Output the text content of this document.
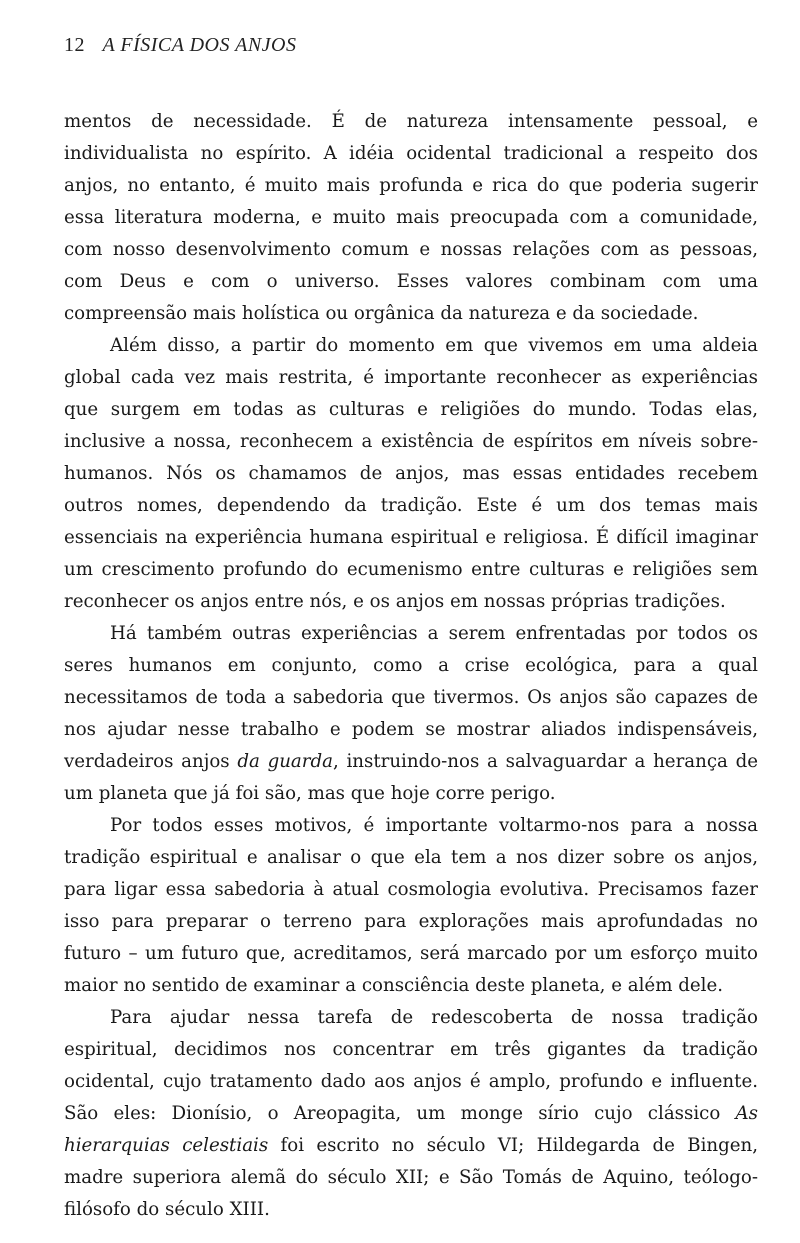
12 A FÍSICA DOS ANJOS

mentos de necessidade. É de natureza intensamente pessoal, e individualista no espírito. A idéia ocidental tradicional a respeito dos anjos, no entanto, é muito mais profunda e rica do que poderia sugerir essa literatura moderna, e muito mais preocupada com a comunidade, com nosso desenvolvimento comum e nossas relações com as pessoas, com Deus e com o universo. Esses valores combinam com uma compreensão mais holística ou orgânica da natureza e da sociedade.

Além disso, a partir do momento em que vivemos em uma aldeia global cada vez mais restrita, é importante reconhecer as experiências que surgem em todas as culturas e religiões do mundo. Todas elas, inclusive a nossa, reconhecem a existência de espíritos em níveis sobre-humanos. Nós os chamamos de anjos, mas essas entidades recebem outros nomes, dependendo da tradição. Este é um dos temas mais essenciais na experiência humana espiritual e religiosa. É difícil imaginar um crescimento profundo do ecumenismo entre culturas e religiões sem reconhecer os anjos entre nós, e os anjos em nossas próprias tradições.

Há também outras experiências a serem enfrentadas por todos os seres humanos em conjunto, como a crise ecológica, para a qual necessitamos de toda a sabedoria que tivermos. Os anjos são capazes de nos ajudar nesse trabalho e podem se mostrar aliados indispensáveis, verdadeiros anjos da guarda, instruindo-nos a salvaguardar a herança de um planeta que já foi são, mas que hoje corre perigo.

Por todos esses motivos, é importante voltarmo-nos para a nossa tradição espiritual e analisar o que ela tem a nos dizer sobre os anjos, para ligar essa sabedoria à atual cosmologia evolutiva. Precisamos fazer isso para preparar o terreno para explorações mais aprofundadas no futuro – um futuro que, acreditamos, será marcado por um esforço muito maior no sentido de examinar a consciência deste planeta, e além dele.

Para ajudar nessa tarefa de redescoberta de nossa tradição espiritual, decidimos nos concentrar em três gigantes da tradição ocidental, cujo tratamento dado aos anjos é amplo, profundo e influente. São eles: Dionísio, o Areopagita, um monge sírio cujo clássico As hierarquias celestiais foi escrito no século VI; Hildegarda de Bingen, madre superiora alemã do século XII; e São Tomás de Aquino, teólogo-filósofo do século XIII.
